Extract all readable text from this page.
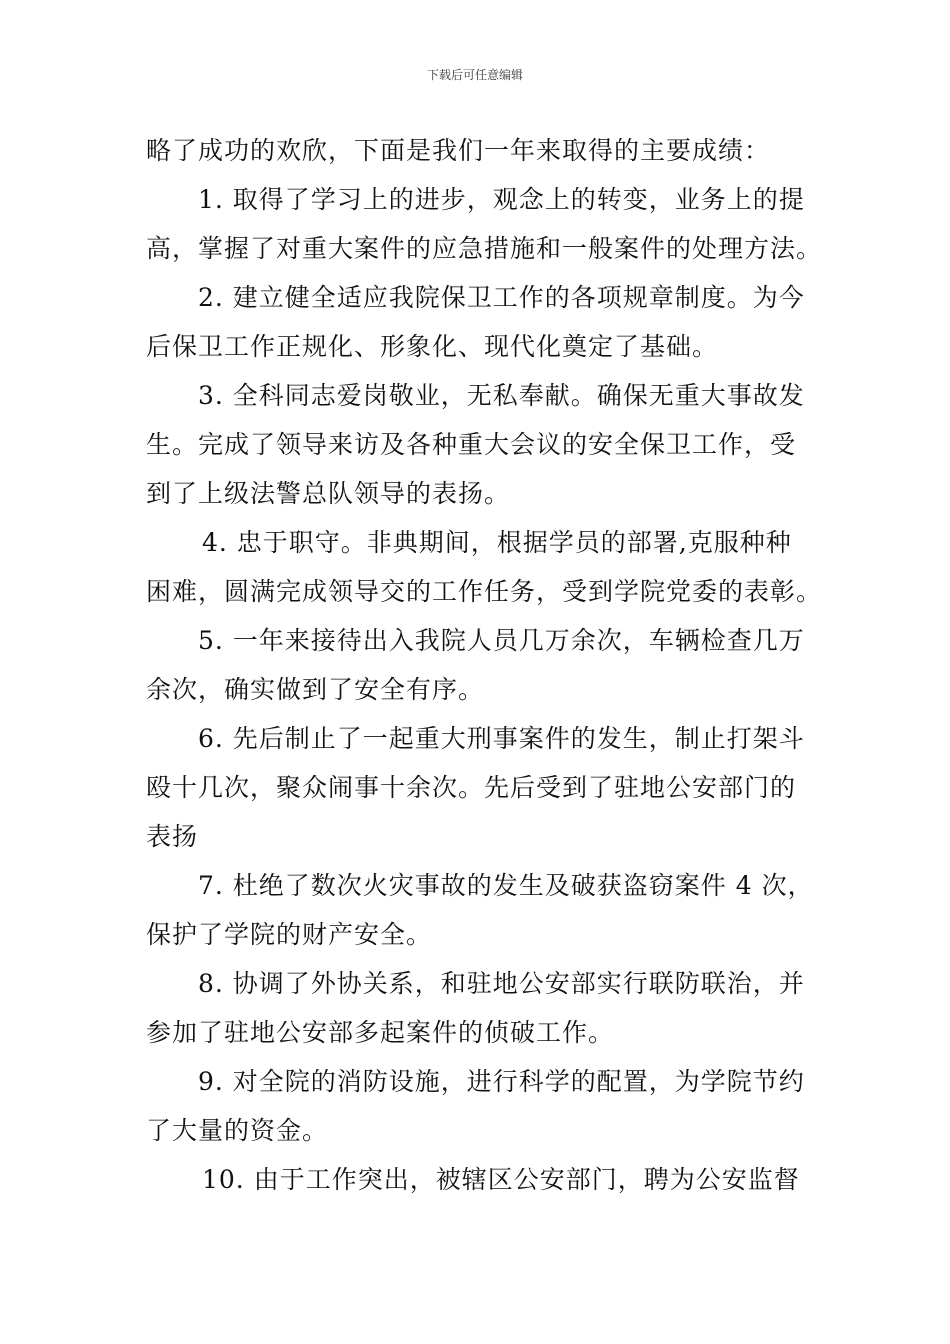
下载后可任意编辑
略了成功的欢欣，下面是我们一年来取得的主要成绩：
1. 取得了学习上的进步，观念上的转变，业务上的提
高，掌握了对重大案件的应急措施和一般案件的处理方法。
2. 建立健全适应我院保卫工作的各项规章制度。为今
后保卫工作正规化、形象化、现代化奠定了基础。
3. 全科同志爱岗敬业，无私奉献。确保无重大事故发
生。完成了领导来访及各种重大会议的安全保卫工作，受
到了上级法警总队领导的表扬。
4. 忠于职守。非典期间，根据学员的部署,克服种种
困难，圆满完成领导交的工作任务，受到学院党委的表彰。
5. 一年来接待出入我院人员几万余次，车辆检查几万
余次，确实做到了安全有序。
6. 先后制止了一起重大刑事案件的发生，制止打架斗
殴十几次，聚众闹事十余次。先后受到了驻地公安部门的
表扬
7. 杜绝了数次火灾事故的发生及破获盗窃案件 4 次，
保护了学院的财产安全。
8. 协调了外协关系，和驻地公安部实行联防联治，并
参加了驻地公安部多起案件的侦破工作。
9. 对全院的消防设施，进行科学的配置，为学院节约
了大量的资金。
10. 由于工作突出，被辖区公安部门，聘为公安监督
